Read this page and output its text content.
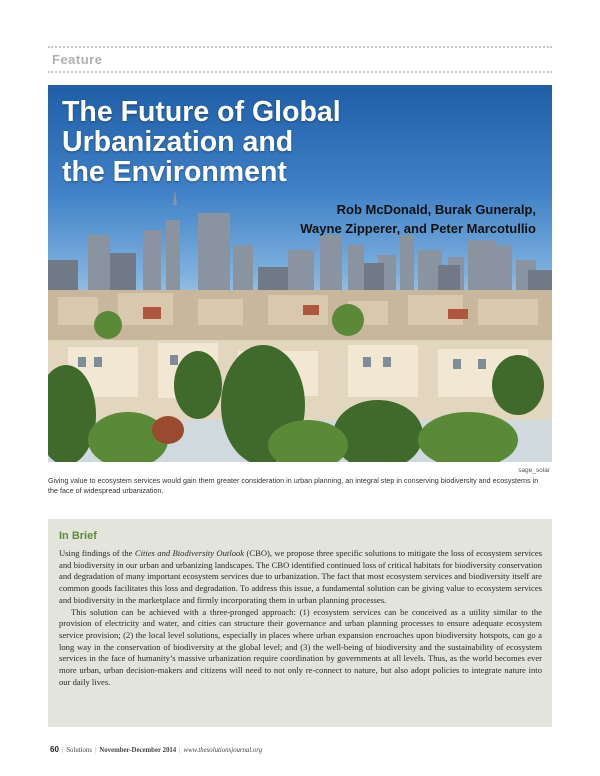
Feature
The Future of Global
Urbanization and
the Environment
Rob McDonald, Burak Guneralp,
Wayne Zipperer, and Peter Marcotullio
sage_solar
Giving value to ecosystem services would gain them greater consideration in urban planning, an integral step in conserving biodiversity and ecosystems in the face of widespread urbanization.
In Brief

Using findings of the Cities and Biodiversity Outlook (CBO), we propose three specific solutions to mitigate the loss of ecosystem services and biodiversity in our urban and urbanizing landscapes. The CBO identified continued loss of critical habitats for biodiversity conservation and degradation of many important ecosystem services due to urbanization. The fact that most ecosystem services and biodiversity itself are common goods facilitates this loss and degradation. To address this issue, a fundamental solution can be giving value to ecosystem services and biodiversity in the marketplace and firmly incorporating them in urban planning processes.

This solution can be achieved with a three-pronged approach: (1) ecosystem services can be conceived as a utility similar to the provision of electricity and water, and cities can structure their governance and urban planning processes to ensure adequate ecosystem service provision; (2) the local level solutions, especially in places where urban expansion encroaches upon biodiversity hotspots, can go a long way in the conservation of biodiversity at the global level; and (3) the well-being of biodiversity and the sustainability of ecosystem services in the face of humanity’s massive urbanization require coordination by governments at all levels. Thus, as the world becomes ever more urban, urban decision-makers and citizens will need to not only re-connect to nature, but also adopt policies to integrate nature into our daily lives.

60 | Solutions | November-December 2014 | www.thesolutionsjournal.org
